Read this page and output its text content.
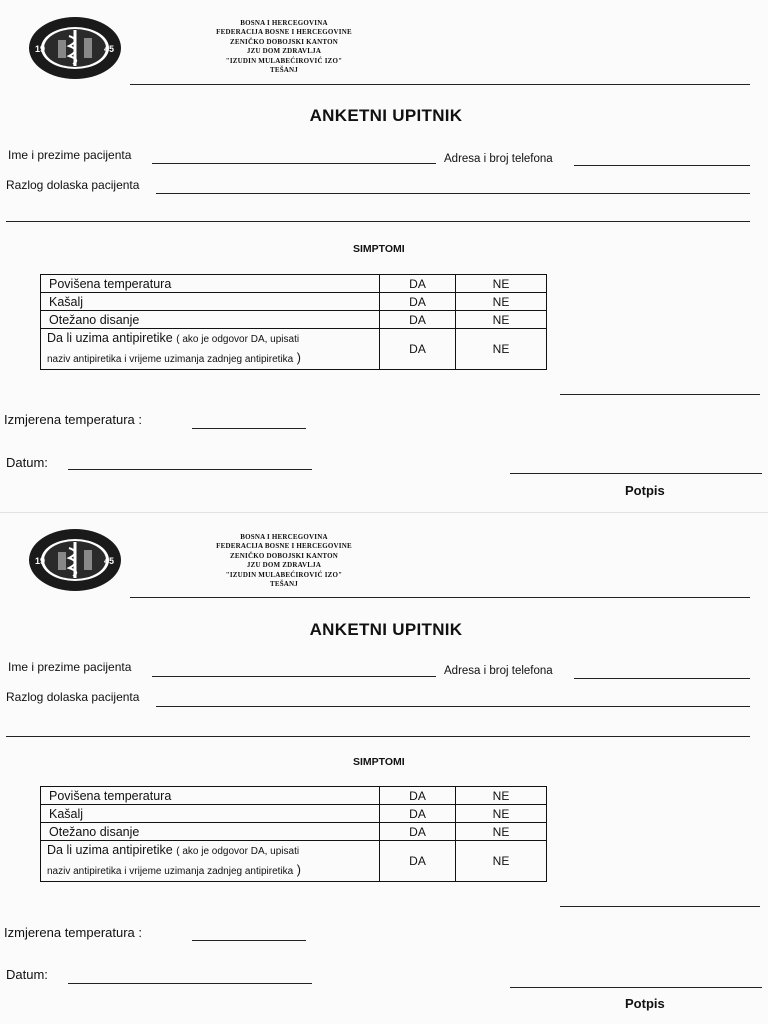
19	45
BOSNA I HERCEGOVINA
FEDERACIJA BOSNE I HERCEGOVINE
ZENIČKO DOBOJSKI KANTON
JZU DOM ZDRAVLJA
"IZUDIN MULABEĆIROVIĆ IZO"
TEŠANJ
ANKETNI UPITNIK
Ime i prezime pacijenta	Adresa i broj telefona
Razlog dolaska pacijenta
SIMPTOMI
Povišena temperatura	DA	NE
Kašalj	DA	NE
Otežano disanje	DA	NE
Da li uzima antipiretike ( ako je odgovor DA, upisati
naziv antipiretika i vrijeme uzimanja zadnjeg antipiretika )	DA	NE
Izmjerena temperatura :
Datum:
Potpis
19	45
BOSNA I HERCEGOVINA
FEDERACIJA BOSNE I HERCEGOVINE
ZENIČKO DOBOJSKI KANTON
JZU DOM ZDRAVLJA
"IZUDIN MULABEĆIROVIĆ IZO"
TEŠANJ
ANKETNI UPITNIK
Ime i prezime pacijenta	Adresa i broj telefona
Razlog dolaska pacijenta
SIMPTOMI
Povišena temperatura	DA	NE
Kašalj	DA	NE
Otežano disanje	DA	NE
Da li uzima antipiretike ( ako je odgovor DA, upisati
naziv antipiretika i vrijeme uzimanja zadnjeg antipiretika )	DA	NE
Izmjerena temperatura :
Datum:
Potpis
